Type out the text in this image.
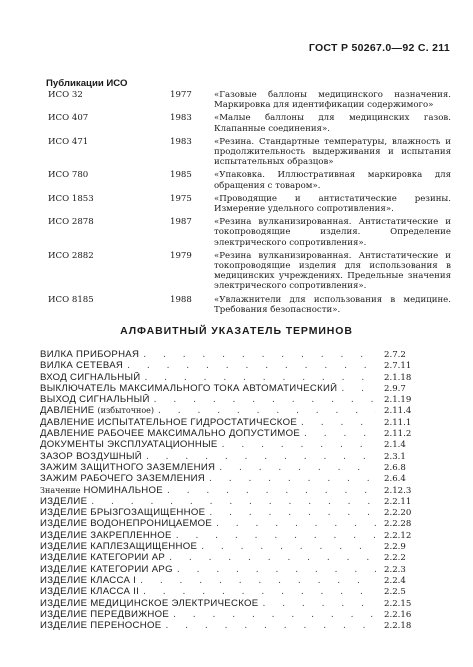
ГОСТ Р 50267.0—92 С. 211
Публикации ИСО
ИСО 32	1977	«Газовые баллоны медицинского назначения. Маркировка для идентификации содержимого»
ИСО 407	1983	«Малые баллоны для медицинских газов. Клапанные соединения».
ИСО 471	1983	«Резина. Стандартные температуры, влажность и продолжительность выдерживания и испытания испытательных образцов»
ИСО 780	1985	«Упаковка. Иллюстративная маркировка для обращения с товаром».
ИСО 1853	1975	«Проводящие и антистатические резины. Измерение удельного сопротивления».
ИСО 2878	1987	«Резина вулканизированная. Антистатические и токопроводящие изделия. Определение электрического сопротивления».
ИСО 2882	1979	«Резина вулканизированная. Антистатические и токопроводящие изделия для использования в медицинских учреждениях. Предельные значения электрического сопротивления».
ИСО 8185	1988	«Увлажнители для использования в медицине. Требования безопасности».
АЛФАВИТНЫЙ УКАЗАТЕЛЬ ТЕРМИНОВ
ВИЛКА ПРИБОРНАЯ . . .	2.7.2
ВИЛКА СЕТЕВАЯ . . .	2.7.11
ВХОД СИГНАЛЬНЫЙ . . .	2.1.18
ВЫКЛЮЧАТЕЛЬ МАКСИМАЛЬНОГО ТОКА АВТОМАТИЧЕСКИЙ . . .	2.9.7
ВЫХОД СИГНАЛЬНЫЙ . . .	2.1.19
ДАВЛЕНИЕ (избыточное) . . .	2.11.4
ДАВЛЕНИЕ ИСПЫТАТЕЛЬНОЕ ГИДРОСТАТИЧЕСКОЕ . . .	2.11.1
ДАВЛЕНИЕ РАБОЧЕЕ МАКСИМАЛЬНО ДОПУСТИМОЕ . . .	2.11.2
ДОКУМЕНТЫ ЭКСПЛУАТАЦИОННЫЕ . . .	2.1.4
ЗАЗОР ВОЗДУШНЫЙ . . .	2.3.1
ЗАЖИМ ЗАЩИТНОГО ЗАЗЕМЛЕНИЯ . . .	2.6.8
ЗАЖИМ РАБОЧЕГО ЗАЗЕМЛЕНИЯ . . .	2.6.4
Значение НОМИНАЛЬНОЕ . . .	2.12.3
ИЗДЕЛИЕ . . .	2.2.11
ИЗДЕЛИЕ БРЫЗГОЗАЩИЩЕННОЕ . . .	2.2.20
ИЗДЕЛИЕ ВОДОНЕПРОНИЦАЕМОЕ . . .	2.2.28
ИЗДЕЛИЕ ЗАКРЕПЛЕННОЕ . . .	2.2.12
ИЗДЕЛИЕ КАПЛЕЗАЩИЩЕННОЕ . . .	2.2.9
ИЗДЕЛИЕ КАТЕГОРИИ АР . . .	2.2.2
ИЗДЕЛИЕ КАТЕГОРИИ АРG . . .	2.2.3
ИЗДЕЛИЕ КЛАССА I . . .	2.2.4
ИЗДЕЛИЕ КЛАССА II . . .	2.2.5
ИЗДЕЛИЕ МЕДИЦИНСКОЕ ЭЛЕКТРИЧЕСКОЕ . . .	2.2.15
ИЗДЕЛИЕ ПЕРЕДВИЖНОЕ . . .	2.2.16
ИЗДЕЛИЕ ПЕРЕНОСНОЕ . . .	2.2.18
